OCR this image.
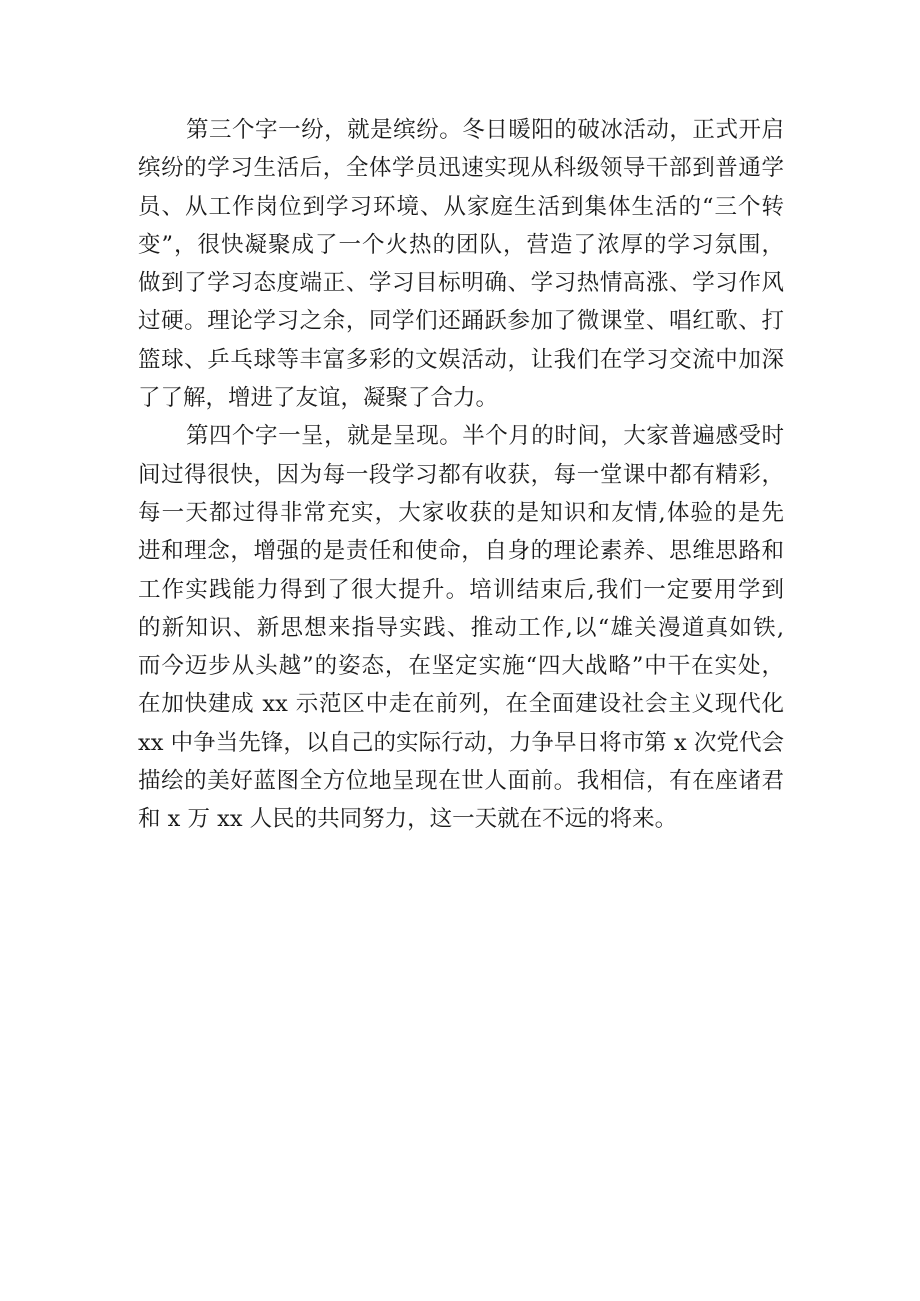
第三个字一纷，就是缤纷。冬日暖阳的破冰活动，正式开启
缤纷的学习生活后，全体学员迅速实现从科级领导干部到普通学
员、从工作岗位到学习环境、从家庭生活到集体生活的“三个转
变”，很快凝聚成了一个火热的团队，营造了浓厚的学习氛围，
做到了学习态度端正、学习目标明确、学习热情高涨、学习作风
过硬。理论学习之余，同学们还踊跃参加了微课堂、唱红歌、打
篮球、乒乓球等丰富多彩的文娱活动，让我们在学习交流中加深
了了解，增进了友谊，凝聚了合力。
第四个字一呈，就是呈现。半个月的时间，大家普遍感受时
间过得很快，因为每一段学习都有收获，每一堂课中都有精彩，
每一天都过得非常充实，大家收获的是知识和友情,体验的是先
进和理念，增强的是责任和使命，自身的理论素养、思维思路和
工作实践能力得到了很大提升。培训结束后,我们一定要用学到
的新知识、新思想来指导实践、推动工作,以“雄关漫道真如铁,
而今迈步从头越”的姿态，在坚定实施“四大战略”中干在实处，
在加快建成 xx 示范区中走在前列，在全面建设社会主义现代化
xx 中争当先锋，以自己的实际行动，力争早日将市第 x 次党代会
描绘的美好蓝图全方位地呈现在世人面前。我相信，有在座诸君
和 x 万 xx 人民的共同努力，这一天就在不远的将来。
